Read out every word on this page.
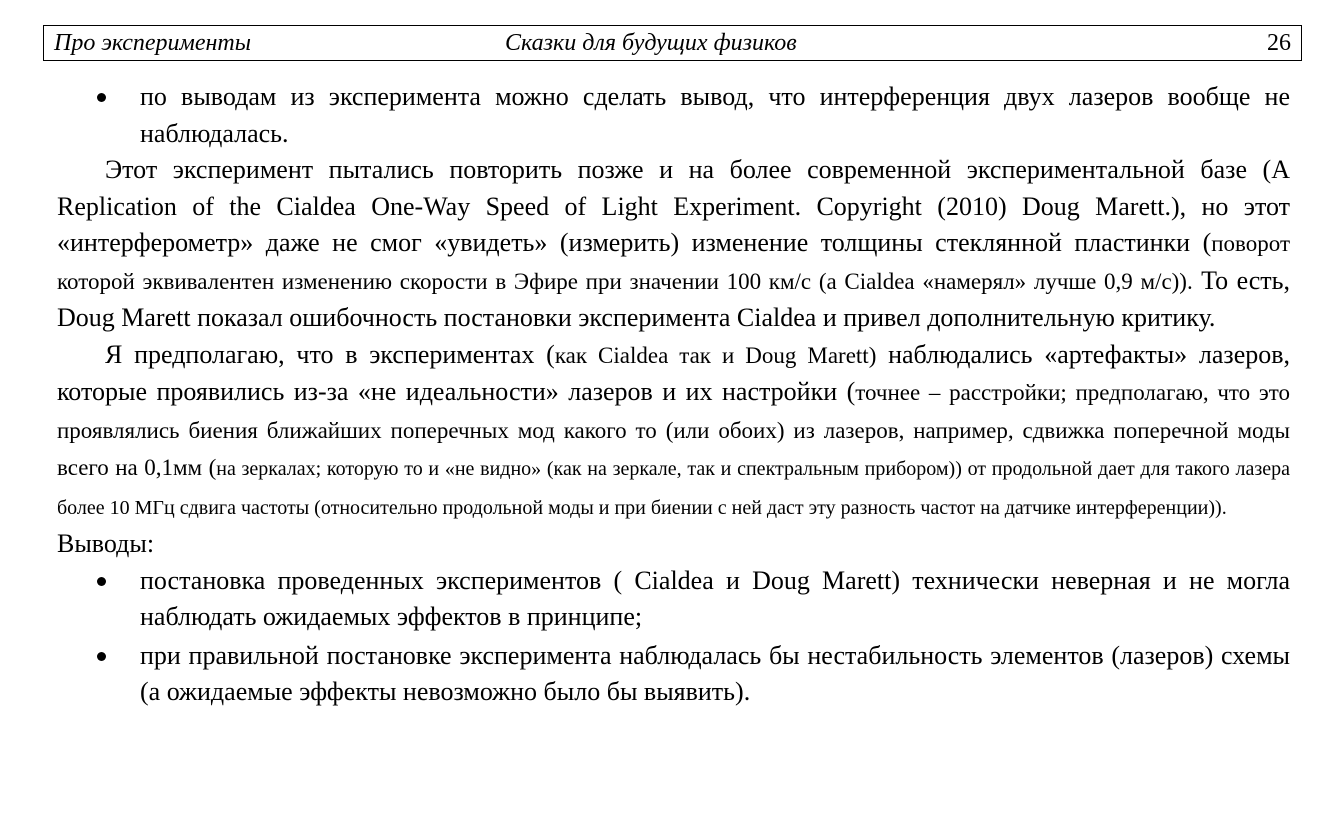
Про эксперименты	Сказки для будущих физиков	26

по выводам из эксперимента можно сделать вывод, что интерференция двух лазеров вообще не наблюдалась.

Этот эксперимент пытались повторить позже и на более современной экспериментальной базе (A Replication of the Cialdea One-Way Speed of Light Experiment. Copyright (2010) Doug Marett.), но этот «интерферометр» даже не смог «увидеть» (измерить) изменение толщины стеклянной пластинки (поворот которой эквивалентен изменению скорости в Эфире при значении 100 км/с (а Cialdea «намерял» лучше 0,9 м/с)). То есть, Doug Marett показал ошибочность постановки эксперимента Cialdea и привел дополнительную критику.

Я предполагаю, что в экспериментах (как Cialdea так и Doug Marett) наблюдались «артефакты» лазеров, которые проявились из-за «не идеальности» лазеров и их настройки (точнее – расстройки; предполагаю, что это проявлялись биения ближайших поперечных мод какого то (или обоих) из лазеров, например, сдвижка поперечной моды всего на 0,1мм (на зеркалах; которую то и «не видно» (как на зеркале, так и спектральным прибором)) от продольной дает для такого лазера более 10 МГц сдвига частоты (относительно продольной моды и при биении с ней даст эту разность частот на датчике интерференции)).

Выводы:

постановка проведенных экспериментов ( Cialdea и Doug Marett) технически неверная и не могла наблюдать ожидаемых эффектов в принципе;

при правильной постановке эксперимента наблюдалась бы нестабильность элементов (лазеров) схемы (а ожидаемые эффекты невозможно было бы выявить).
